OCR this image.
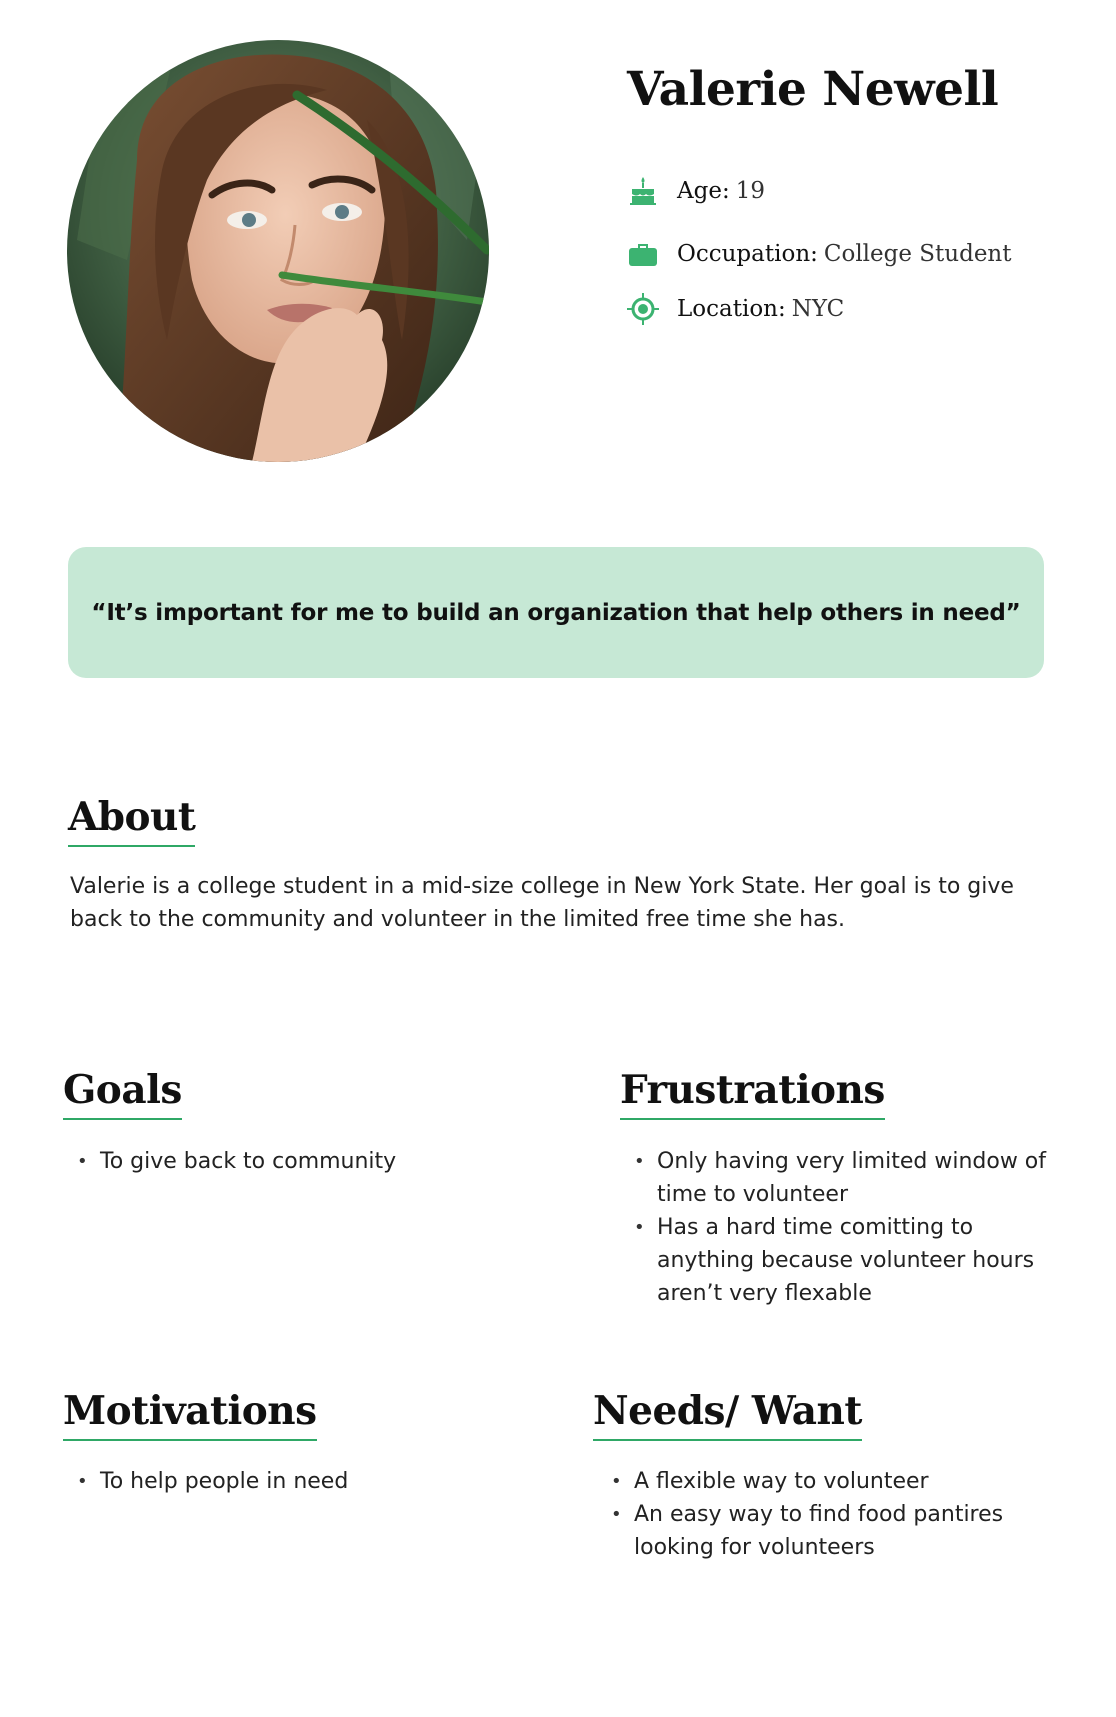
Valerie Newell
Age: 19
Occupation: College Student
Location: NYC

“It’s important for me to build an organization that help others in need”

About

Valerie is a college student in a mid-size college in New York State. Her goal is to give back to the community and volunteer in the limited free time she has.

Goals
• To give back to community
Frustrations
• Only having very limited window of time to volunteer
• Has a hard time comitting to anything because volunteer hours aren’t very flexable
Motivations
• To help people in need
Needs/ Want
• A flexible way to volunteer
• An easy way to find food pantires looking for volunteers
